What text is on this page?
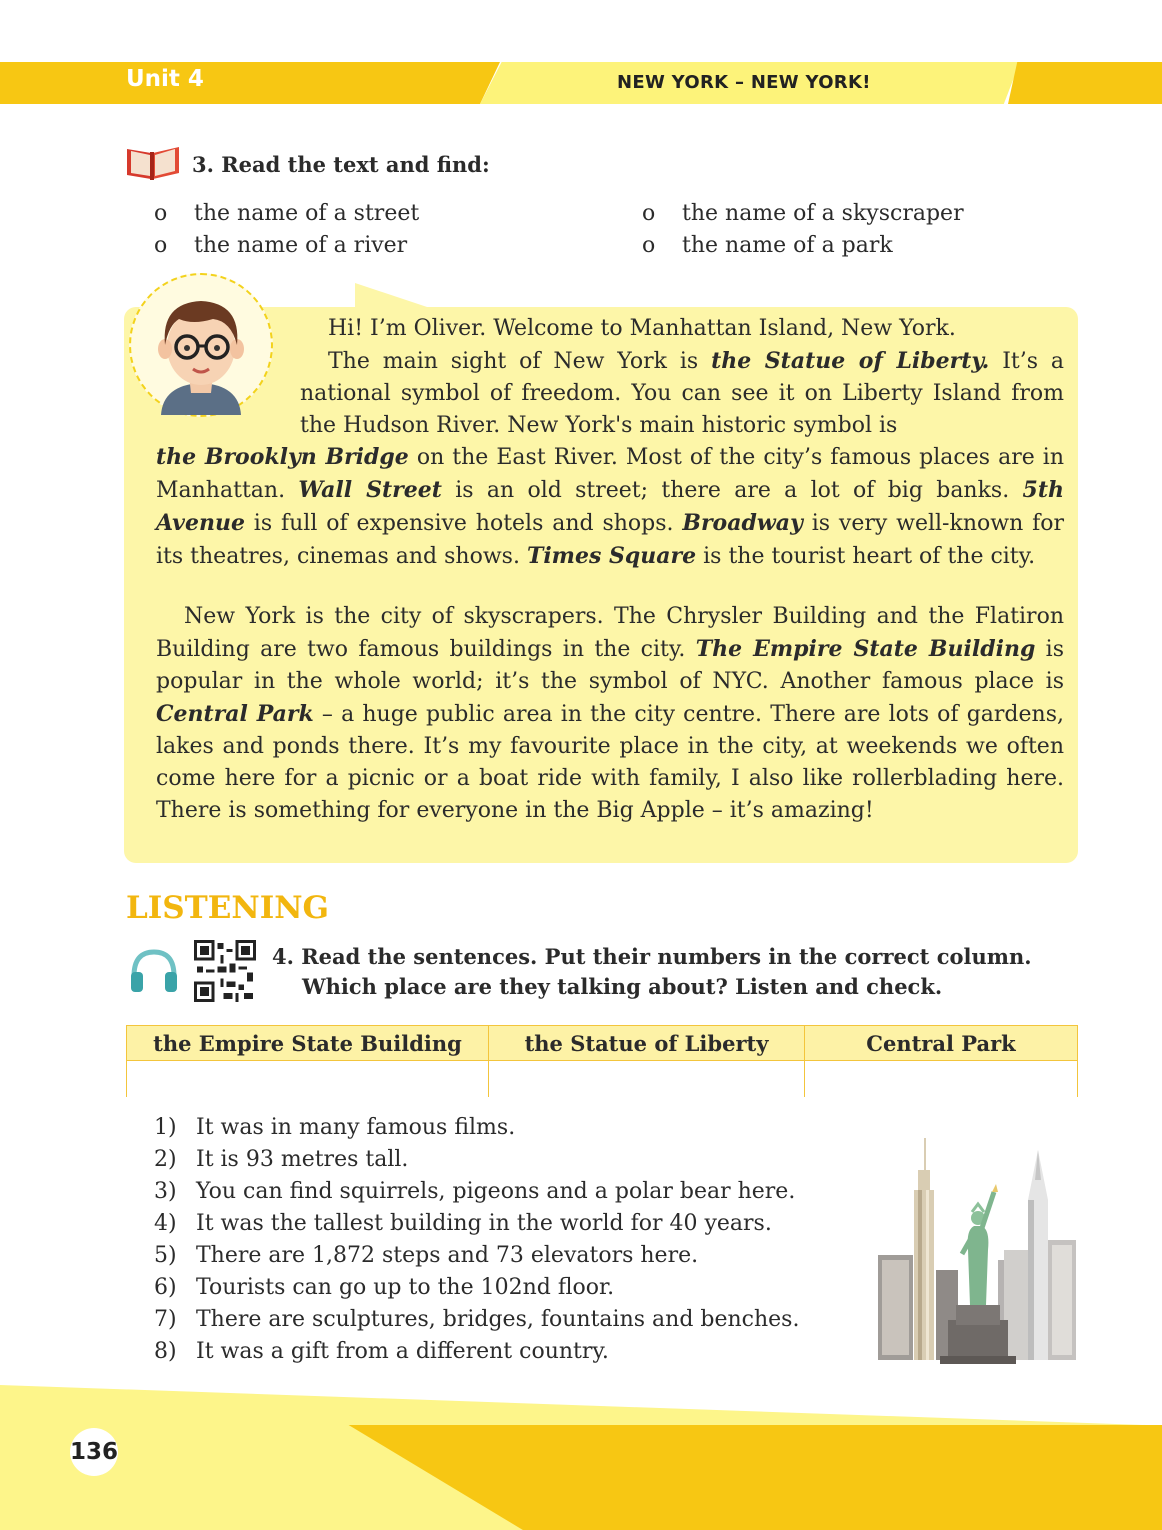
Unit 4	NEW YORK – NEW YORK!
3. Read the text and find:
o the name of a street	o the name of a skyscraper
o the name of a river	o the name of a park
Hi! I’m Oliver. Welcome to Manhattan Island, New York.
The main sight of New York is the Statue of Liberty. It’s a national symbol of freedom. You can see it on Liberty Island from the Hudson River. New York's main historic symbol is
the Brooklyn Bridge on the East River. Most of the city’s famous places are in Manhattan. Wall Street is an old street; there are a lot of big banks. 5th Avenue is full of expensive hotels and shops. Broadway is very well-known for its theatres, cinemas and shows. Times Square is the tourist heart of the city.
New York is the city of skyscrapers. The Chrysler Building and the Flatiron Building are two famous buildings in the city. The Empire State Building is popular in the whole world; it’s the symbol of NYC. Another famous place is Central Park – a huge public area in the city centre. There are lots of gardens, lakes and ponds there. It’s my favourite place in the city, at weekends we often come here for a picnic or a boat ride with family, I also like rollerblading here. There is something for everyone in the Big Apple – it’s amazing!
LISTENING
4. Read the sentences. Put their numbers in the correct column.
Which place are they talking about? Listen and check.
the Empire State Building	the Statue of Liberty	Central Park

1) It was in many famous films.
2) It is 93 metres tall.
3) You can find squirrels, pigeons and a polar bear here.
4) It was the tallest building in the world for 40 years.
5) There are 1,872 steps and 73 elevators here.
6) Tourists can go up to the 102nd floor.
7) There are sculptures, bridges, fountains and benches.
8) It was a gift from a different country.
136
